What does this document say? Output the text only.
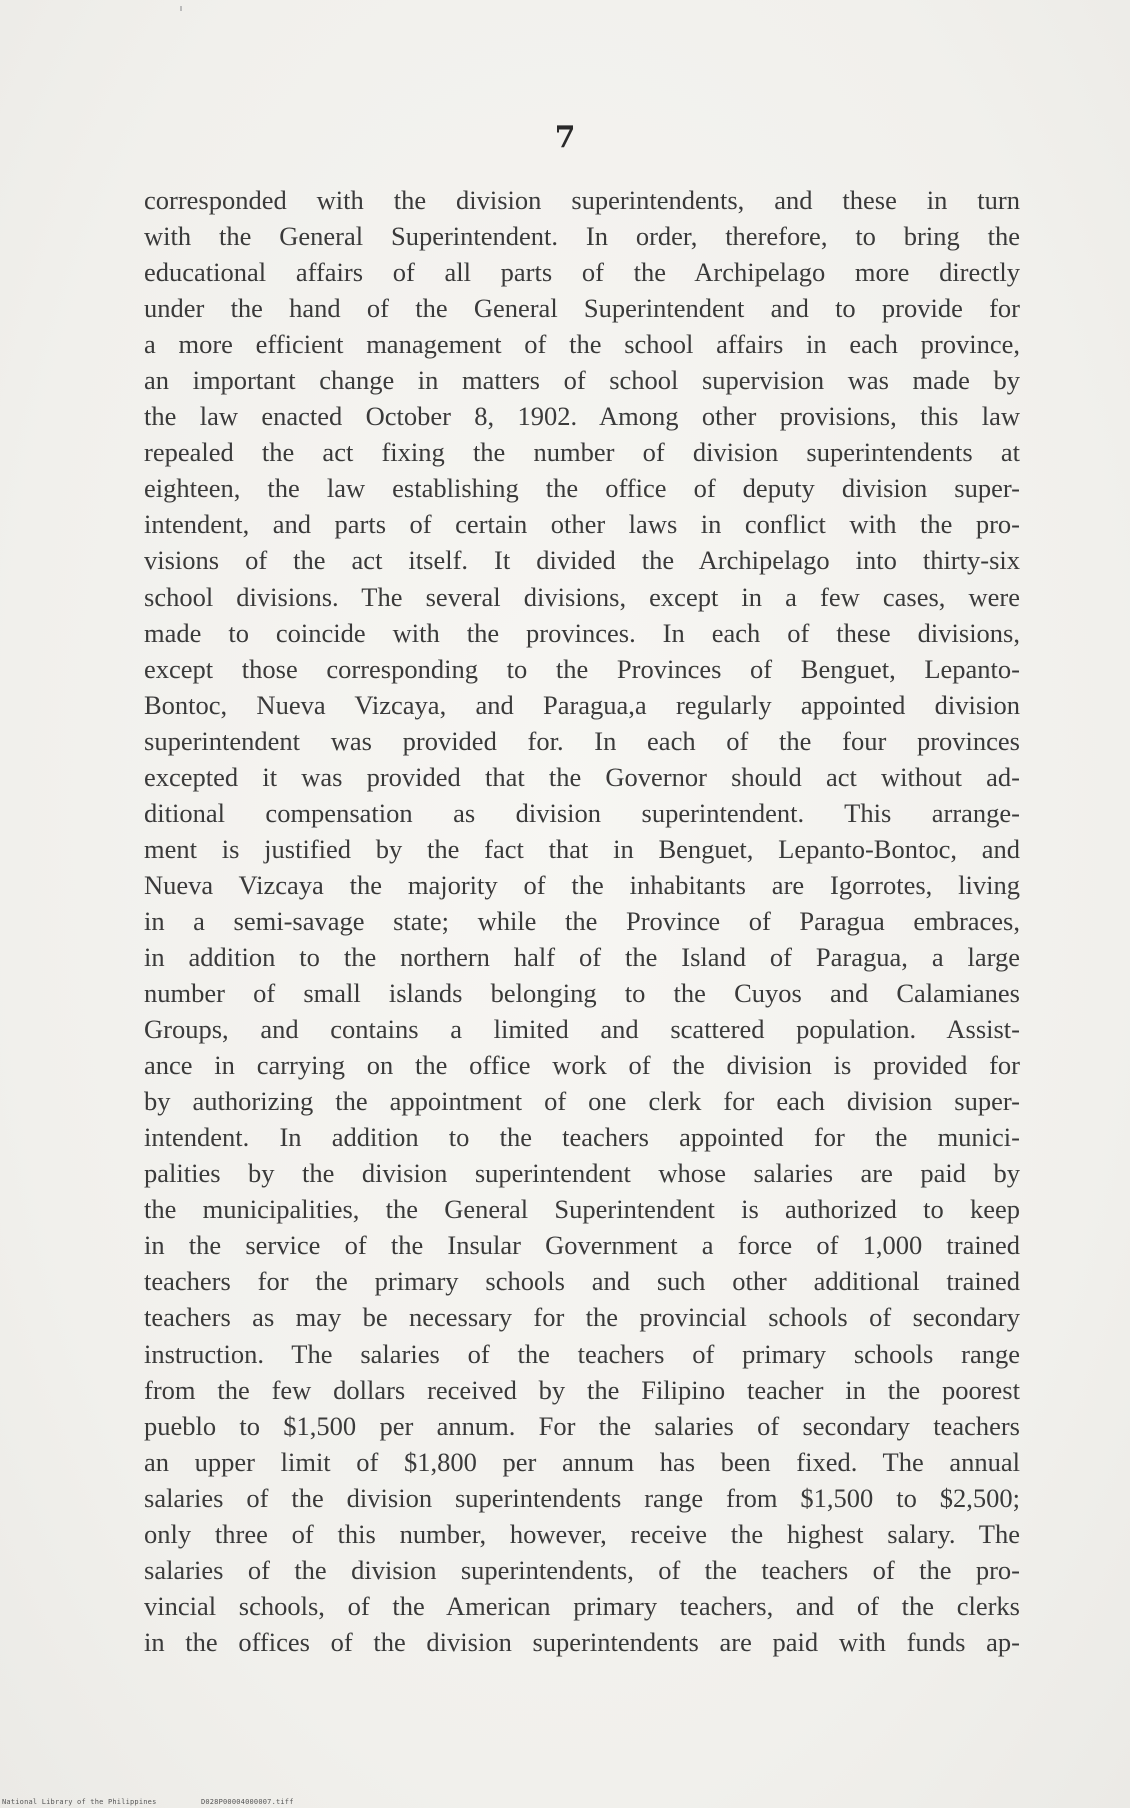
7
corresponded with the division superintendents, and these in turn
with the General Superintendent. In order, therefore, to bring the
educational affairs of all parts of the Archipelago more directly
under the hand of the General Superintendent and to provide for
a more efficient management of the school affairs in each province,
an important change in matters of school supervision was made by
the law enacted October 8, 1902. Among other provisions, this law
repealed the act fixing the number of division superintendents at
eighteen, the law establishing the office of deputy division super-
intendent, and parts of certain other laws in conflict with the pro-
visions of the act itself. It divided the Archipelago into thirty-six
school divisions. The several divisions, except in a few cases, were
made to coincide with the provinces. In each of these divisions,
except those corresponding to the Provinces of Benguet, Lepanto-
Bontoc, Nueva Vizcaya, and Paragua,a regularly appointed division
superintendent was provided for. In each of the four provinces
excepted it was provided that the Governor should act without ad-
ditional compensation as division superintendent. This arrange-
ment is justified by the fact that in Benguet, Lepanto-Bontoc, and
Nueva Vizcaya the majority of the inhabitants are Igorrotes, living
in a semi-savage state; while the Province of Paragua embraces,
in addition to the northern half of the Island of Paragua, a large
number of small islands belonging to the Cuyos and Calamianes
Groups, and contains a limited and scattered population. Assist-
ance in carrying on the office work of the division is provided for
by authorizing the appointment of one clerk for each division super-
intendent. In addition to the teachers appointed for the munici-
palities by the division superintendent whose salaries are paid by
the municipalities, the General Superintendent is authorized to keep
in the service of the Insular Government a force of 1,000 trained
teachers for the primary schools and such other additional trained
teachers as may be necessary for the provincial schools of secondary
instruction. The salaries of the teachers of primary schools range
from the few dollars received by the Filipino teacher in the poorest
pueblo to $1,500 per annum. For the salaries of secondary teachers
an upper limit of $1,800 per annum has been fixed. The annual
salaries of the division superintendents range from $1,500 to $2,500;
only three of this number, however, receive the highest salary. The
salaries of the division superintendents, of the teachers of the pro-
vincial schools, of the American primary teachers, and of the clerks
in the offices of the division superintendents are paid with funds ap-
National Library of the Philippines	D028P00004000007.tiff
